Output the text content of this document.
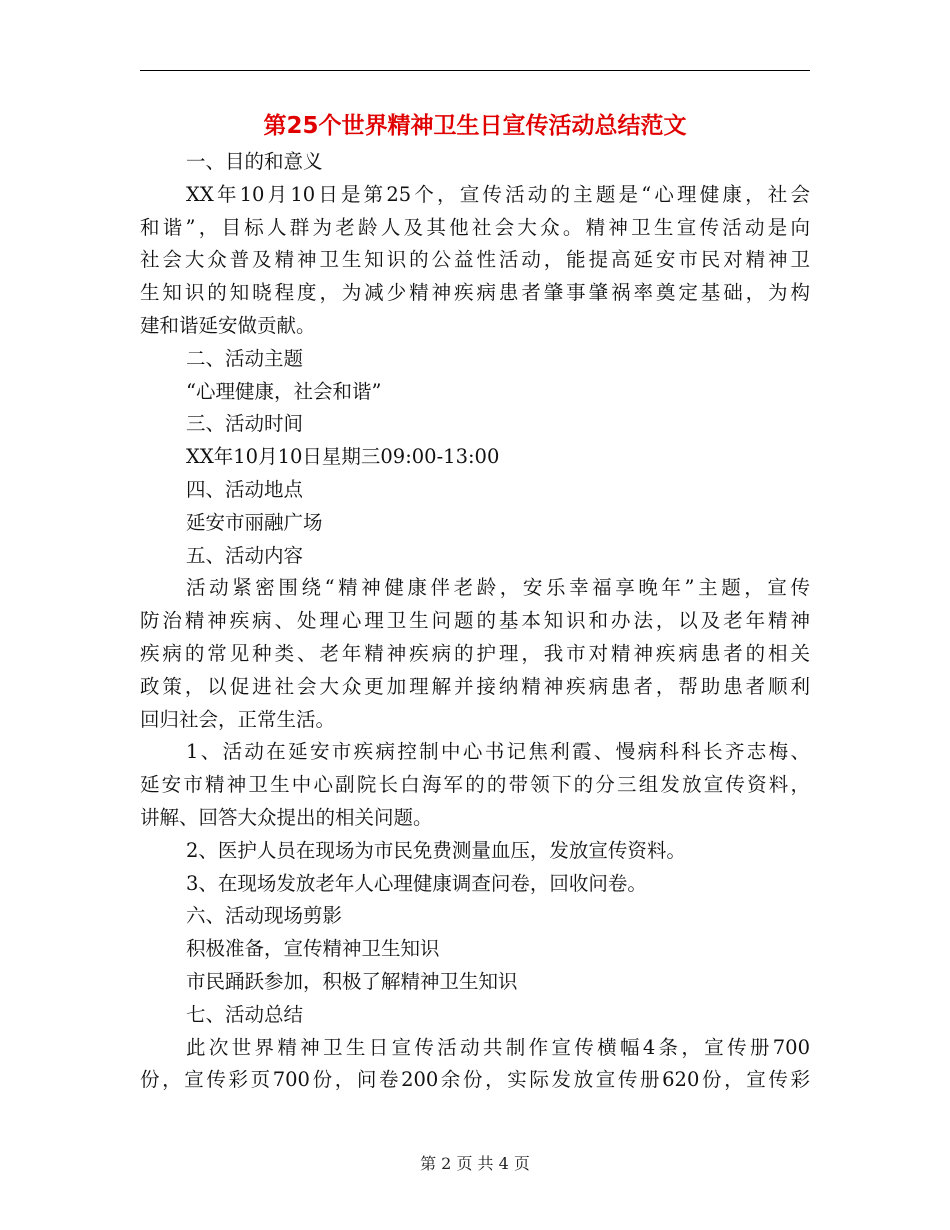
第25个世界精神卫生日宣传活动总结范文
一、目的和意义
XX年10月10日是第25个，宣传活动的主题是“心理健康，社会
和谐”，目标人群为老龄人及其他社会大众。精神卫生宣传活动是向
社会大众普及精神卫生知识的公益性活动，能提高延安市民对精神卫
生知识的知晓程度，为减少精神疾病患者肇事肇祸率奠定基础，为构
建和谐延安做贡献。
二、活动主题
“心理健康，社会和谐”
三、活动时间
XX年10月10日星期三09:00-13:00
四、活动地点
延安市丽融广场
五、活动内容
活动紧密围绕“精神健康伴老龄，安乐幸福享晚年”主题，宣传
防治精神疾病、处理心理卫生问题的基本知识和办法，以及老年精神
疾病的常见种类、老年精神疾病的护理，我市对精神疾病患者的相关
政策，以促进社会大众更加理解并接纳精神疾病患者，帮助患者顺利
回归社会，正常生活。
1、活动在延安市疾病控制中心书记焦利霞、慢病科科长齐志梅、
延安市精神卫生中心副院长白海军的的带领下的分三组发放宣传资料，
讲解、回答大众提出的相关问题。
2、医护人员在现场为市民免费测量血压，发放宣传资料。
3、在现场发放老年人心理健康调查问卷，回收问卷。
六、活动现场剪影
积极准备，宣传精神卫生知识
市民踊跃参加，积极了解精神卫生知识
七、活动总结
此次世界精神卫生日宣传活动共制作宣传横幅4条，宣传册700
份，宣传彩页700份，问卷200余份，实际发放宣传册620份，宣传彩
第 2 页 共 4 页
